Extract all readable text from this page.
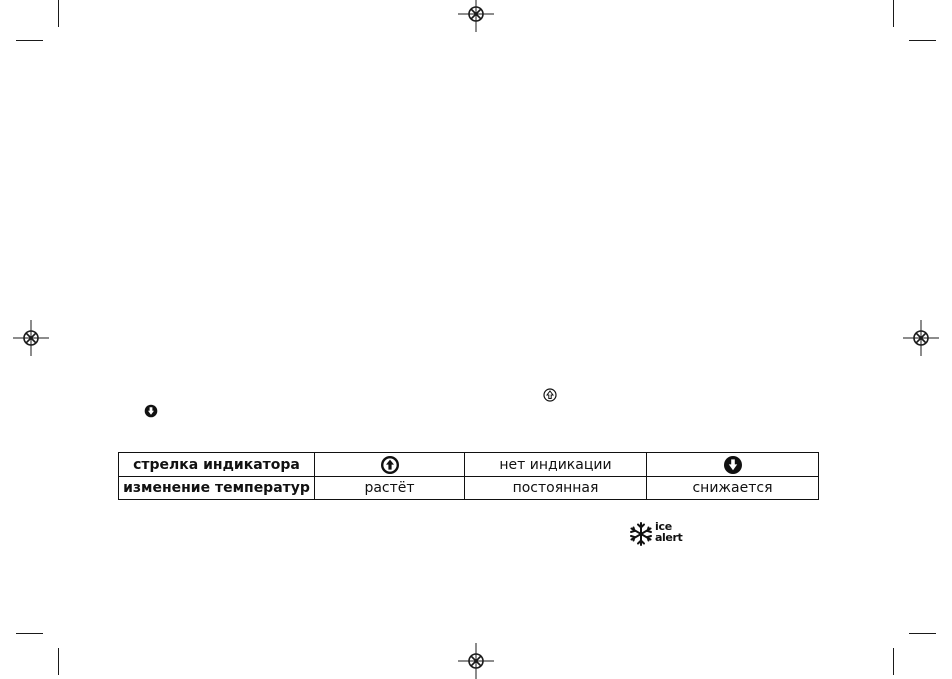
стрелка индикатора		нет индикации	
изменение температур	растёт	постоянная	снижается
ice
alert
